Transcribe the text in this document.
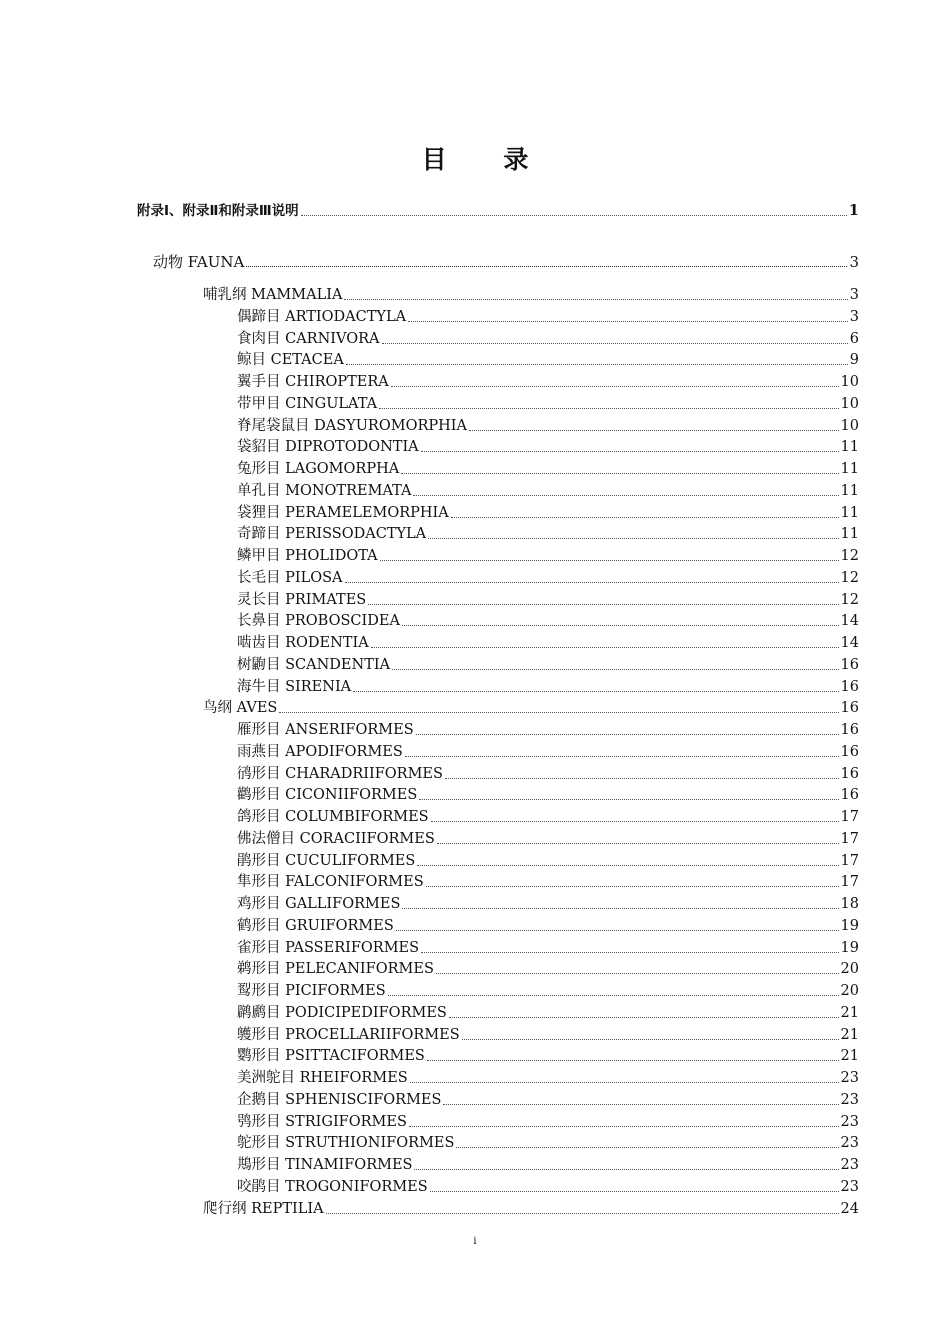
目 录
附录Ⅰ、附录Ⅱ和附录Ⅲ说明	1
动物 FAUNA	3
哺乳纲 MAMMALIA	3
偶蹄目 ARTIODACTYLA	3
食肉目 CARNIVORA	6
鲸目 CETACEA	9
翼手目 CHIROPTERA	10
带甲目 CINGULATA	10
脊尾袋鼠目 DASYUROMORPHIA	10
袋貂目 DIPROTODONTIA	11
兔形目 LAGOMORPHA	11
单孔目 MONOTREMATA	11
袋狸目 PERAMELEMORPHIA	11
奇蹄目 PERISSODACTYLA	11
鳞甲目 PHOLIDOTA	12
长毛目 PILOSA	12
灵长目 PRIMATES	12
长鼻目 PROBOSCIDEA	14
啮齿目 RODENTIA	14
树鼩目 SCANDENTIA	16
海牛目 SIRENIA	16
鸟纲 AVES	16
雁形目 ANSERIFORMES	16
雨燕目 APODIFORMES	16
鸻形目 CHARADRIIFORMES	16
鹳形目 CICONIIFORMES	16
鸽形目 COLUMBIFORMES	17
佛法僧目 CORACIIFORMES	17
鹃形目 CUCULIFORMES	17
隼形目 FALCONIFORMES	17
鸡形目 GALLIFORMES	18
鹤形目 GRUIFORMES	19
雀形目 PASSERIFORMES	19
鹈形目 PELECANIFORMES	20
䴕形目 PICIFORMES	20
䴙䴘目 PODICIPEDIFORMES	21
鹱形目 PROCELLARIIFORMES	21
鹦形目 PSITTACIFORMES	21
美洲鸵目 RHEIFORMES	23
企鹅目 SPHENISCIFORMES	23
鸮形目 STRIGIFORMES	23
鸵形目 STRUTHIONIFORMES	23
䳍形目 TINAMIFORMES	23
咬鹃目 TROGONIFORMES	23
爬行纲 REPTILIA	24
i
